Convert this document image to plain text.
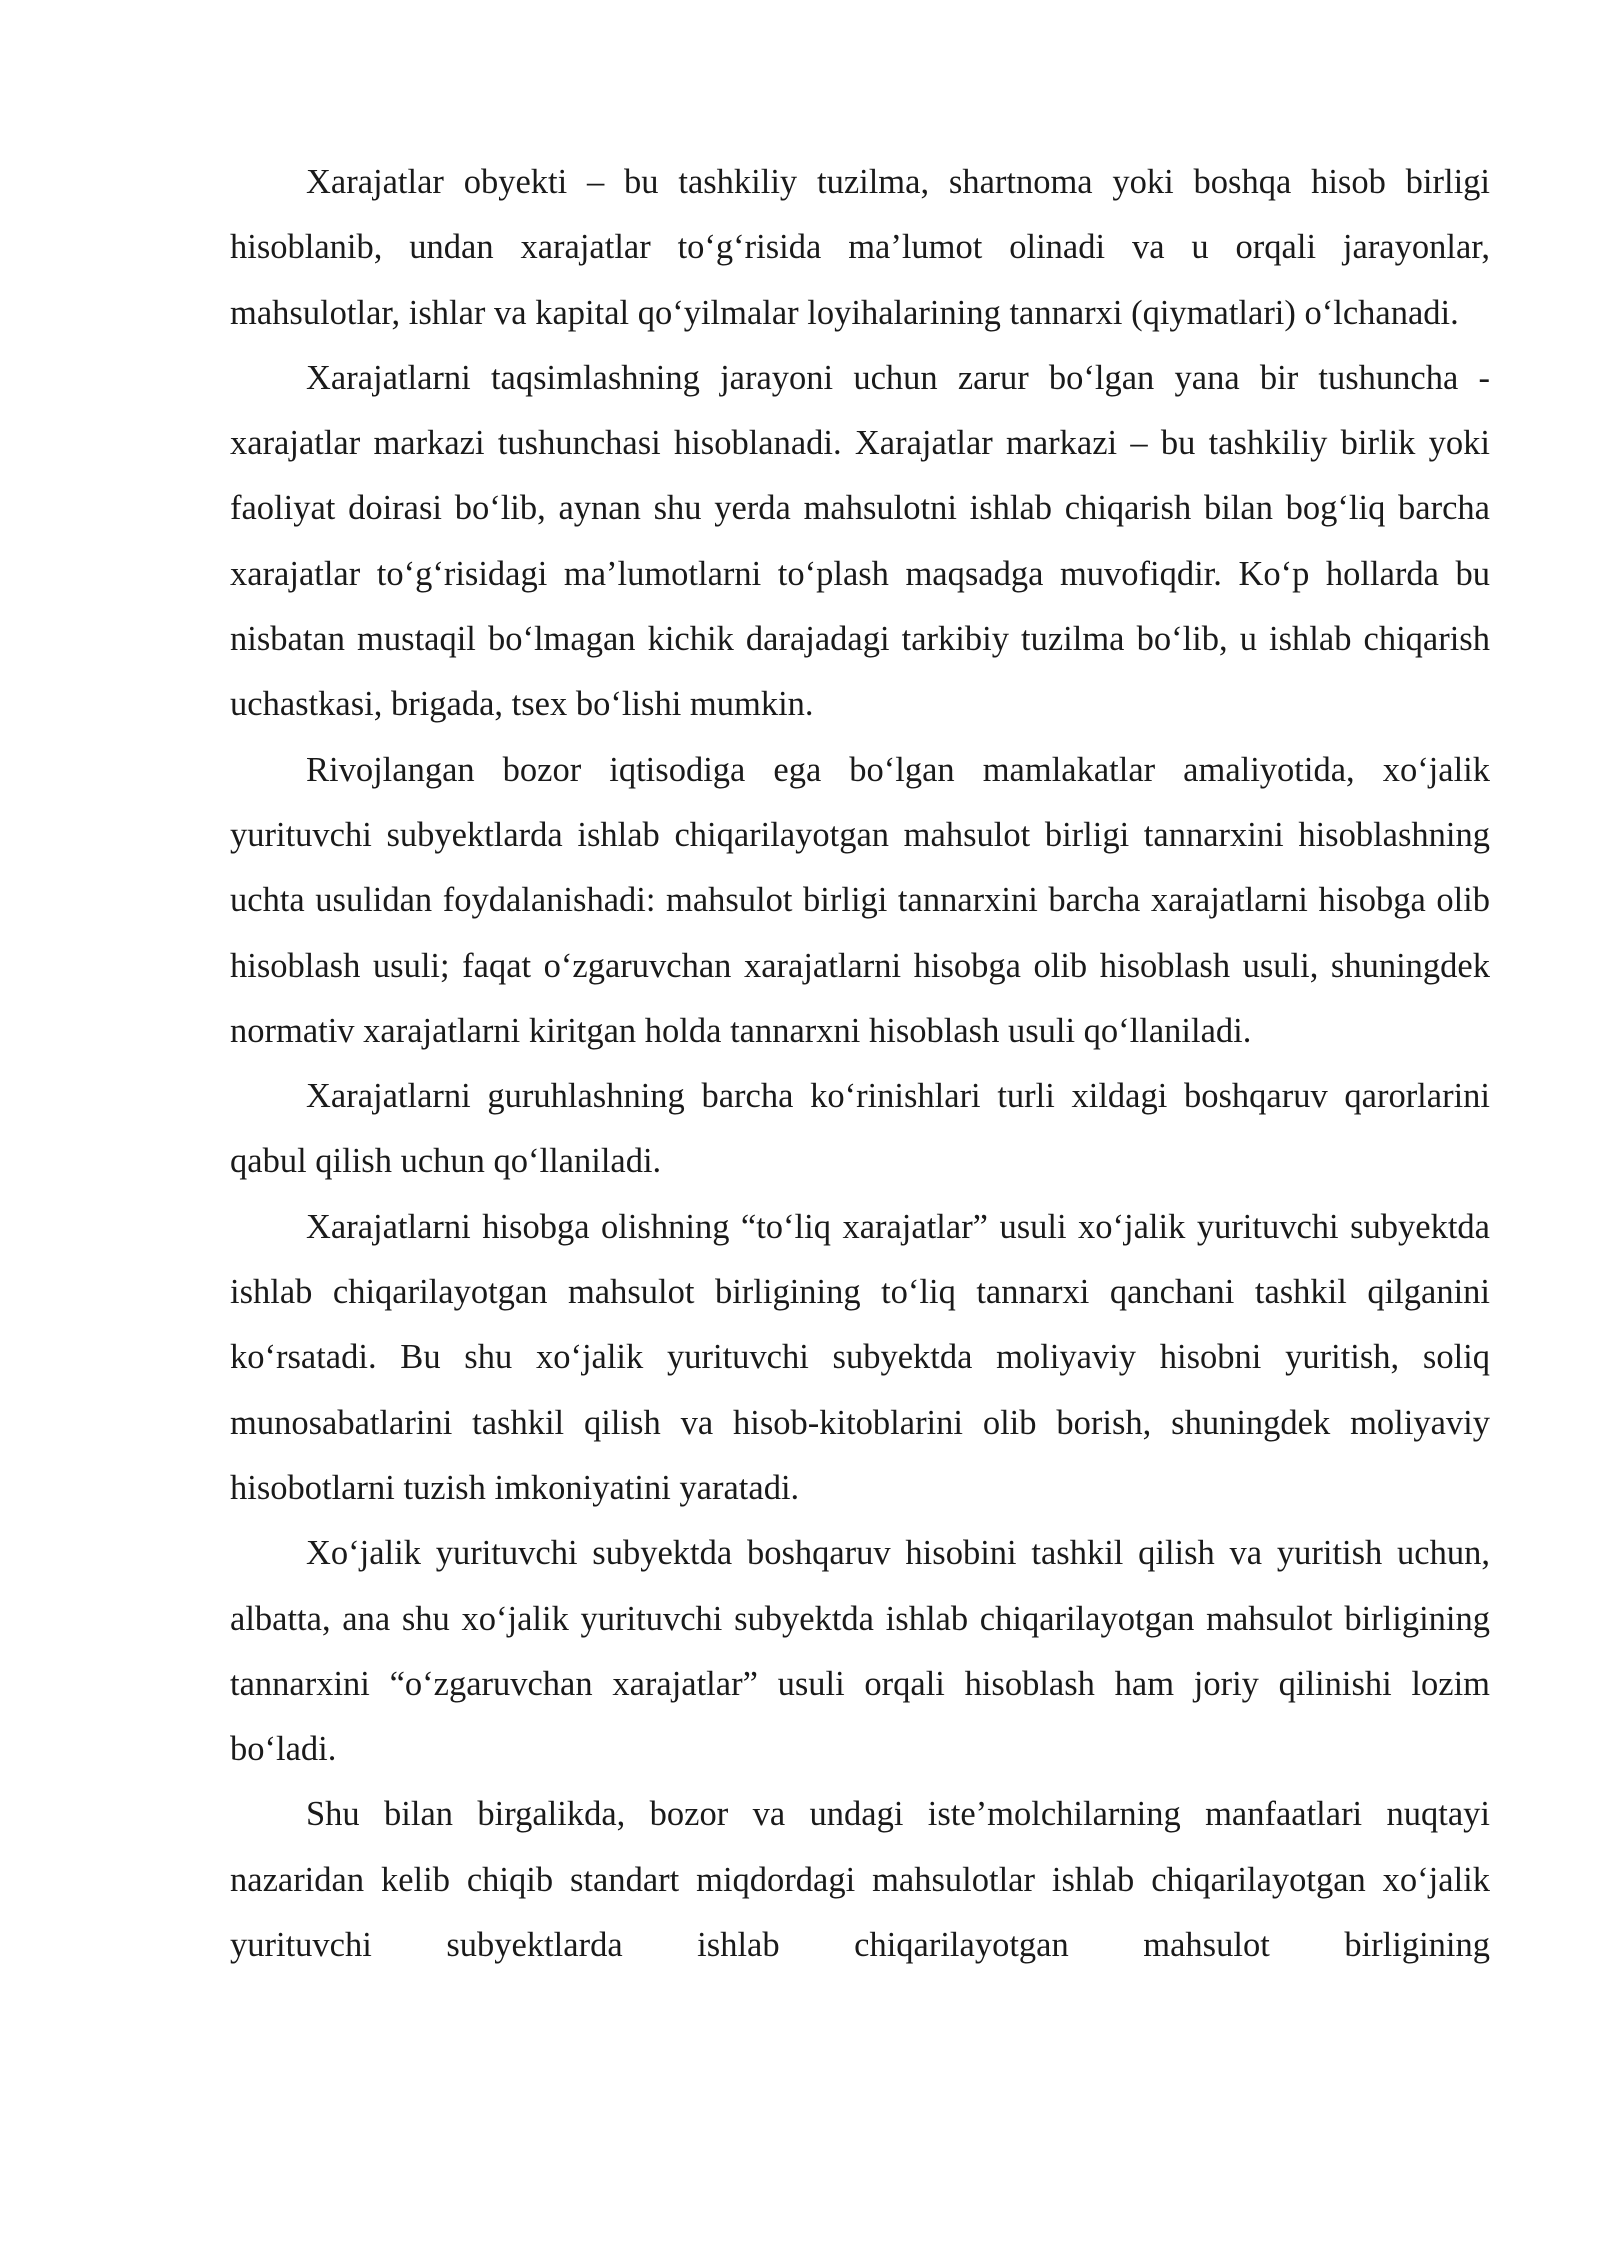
Xarajatlar obyekti – bu tashkiliy tuzilma, shartnoma yoki boshqa hisob birligi hisoblanib, undan xarajatlar to‘g‘risida ma’lumot olinadi va u orqali jarayonlar, mahsulotlar, ishlar va kapital qo‘yilmalar loyihalarining tannarxi (qiymatlari) o‘lchanadi.

Xarajatlarni taqsimlashning jarayoni uchun zarur bo‘lgan yana bir tushuncha - xarajatlar markazi tushunchasi hisoblanadi. Xarajatlar markazi – bu tashkiliy birlik yoki faoliyat doirasi bo‘lib, aynan shu yerda mahsulotni ishlab chiqarish bilan bog‘liq barcha xarajatlar to‘g‘risidagi ma’lumotlarni to‘plash maqsadga muvofiqdir. Ko‘p hollarda bu nisbatan mustaqil bo‘lmagan kichik darajadagi tarkibiy tuzilma bo‘lib, u ishlab chiqarish uchastkasi, brigada, tsex bo‘lishi mumkin.

Rivojlangan bozor iqtisodiga ega bo‘lgan mamlakatlar amaliyotida, xo‘jalik yurituvchi subyektlarda ishlab chiqarilayotgan mahsulot birligi tannarxini hisoblashning uchta usulidan foydalanishadi: mahsulot birligi tannarxini barcha xarajatlarni hisobga olib hisoblash usuli; faqat o‘zgaruvchan xarajatlarni hisobga olib hisoblash usuli, shuningdek normativ xarajatlarni kiritgan holda tannarxni hisoblash usuli qo‘llaniladi.

Xarajatlarni guruhlashning barcha ko‘rinishlari turli xildagi boshqaruv qarorlarini qabul qilish uchun qo‘llaniladi.

Xarajatlarni hisobga olishning “to‘liq xarajatlar” usuli xo‘jalik yurituvchi subyektda ishlab chiqarilayotgan mahsulot birligining to‘liq tannarxi qanchani tashkil qilganini ko‘rsatadi. Bu shu xo‘jalik yurituvchi subyektda moliyaviy hisobni yuritish, soliq munosabatlarini tashkil qilish va hisob-kitoblarini olib borish, shuningdek moliyaviy hisobotlarni tuzish imkoniyatini yaratadi.

Xo‘jalik yurituvchi subyektda boshqaruv hisobini tashkil qilish va yuritish uchun, albatta, ana shu xo‘jalik yurituvchi subyektda ishlab chiqarilayotgan mahsulot birligining tannarxini “o‘zgaruvchan xarajatlar” usuli orqali hisoblash ham joriy qilinishi lozim bo‘ladi.

Shu bilan birgalikda, bozor va undagi iste’molchilarning manfaatlari nuqtayi nazaridan kelib chiqib standart miqdordagi mahsulotlar ishlab chiqarilayotgan xo‘jalik yurituvchi subyektlarda ishlab chiqarilayotgan mahsulot birligining
